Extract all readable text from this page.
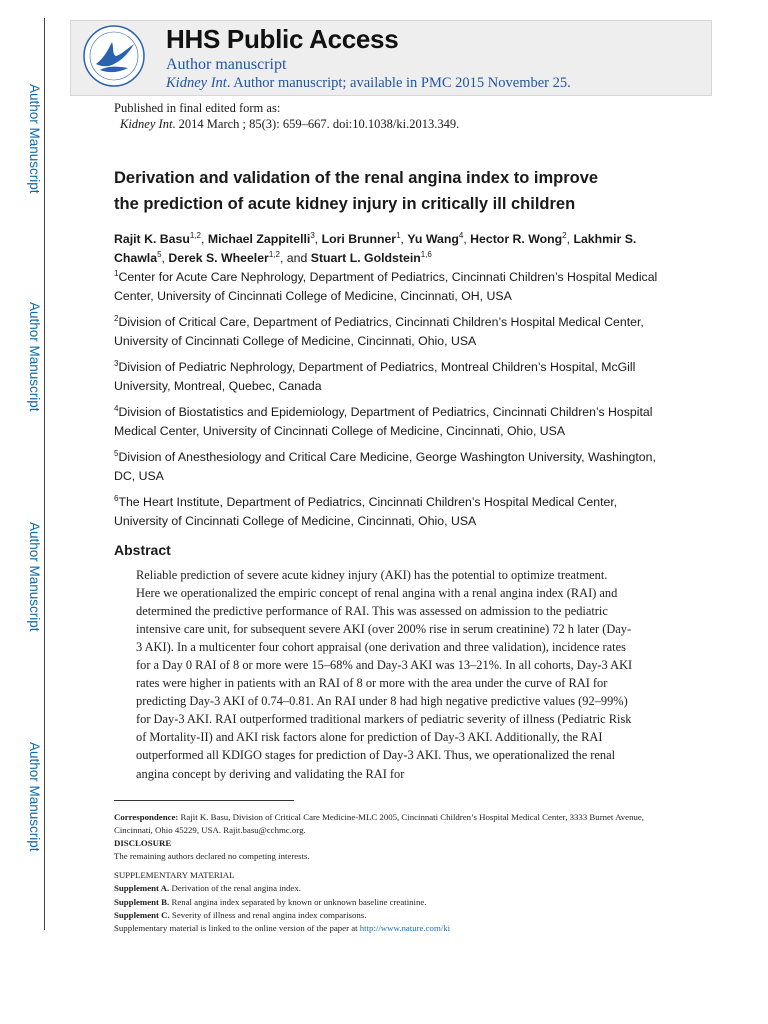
Author Manuscript
Author Manuscript
Author Manuscript
Author Manuscript
HHS Public Access
Author manuscript
Kidney Int. Author manuscript; available in PMC 2015 November 25.
Published in final edited form as:
Kidney Int. 2014 March ; 85(3): 659–667. doi:10.1038/ki.2013.349.
Derivation and validation of the renal angina index to improve
the prediction of acute kidney injury in critically ill children
Rajit K. Basu$^{1,2}$, Michael Zappitelli$^3$, Lori Brunner$^1$, Yu Wang$^4$, Hector R. Wong$^2$, Lakhmir S. Chawla$^5$, Derek S. Wheeler$^{1,2}$, and Stuart L. Goldstein$^{1,6}$
$^1$Center for Acute Care Nephrology, Department of Pediatrics, Cincinnati Children’s Hospital Medical Center, University of Cincinnati College of Medicine, Cincinnati, OH, USA
$^2$Division of Critical Care, Department of Pediatrics, Cincinnati Children’s Hospital Medical Center, University of Cincinnati College of Medicine, Cincinnati, Ohio, USA
$^3$Division of Pediatric Nephrology, Department of Pediatrics, Montreal Children’s Hospital, McGill University, Montreal, Quebec, Canada
$^4$Division of Biostatistics and Epidemiology, Department of Pediatrics, Cincinnati Children’s Hospital Medical Center, University of Cincinnati College of Medicine, Cincinnati, Ohio, USA
$^5$Division of Anesthesiology and Critical Care Medicine, George Washington University, Washington, DC, USA
$^6$The Heart Institute, Department of Pediatrics, Cincinnati Children’s Hospital Medical Center, University of Cincinnati College of Medicine, Cincinnati, Ohio, USA
Abstract
Reliable prediction of severe acute kidney injury (AKI) has the potential to optimize treatment. Here we operationalized the empiric concept of renal angina with a renal angina index (RAI) and determined the predictive performance of RAI. This was assessed on admission to the pediatric intensive care unit, for subsequent severe AKI (over 200% rise in serum creatinine) 72 h later (Day-3 AKI). In a multicenter four cohort appraisal (one derivation and three validation), incidence rates for a Day 0 RAI of 8 or more were 15–68% and Day-3 AKI was 13–21%. In all cohorts, Day-3 AKI rates were higher in patients with an RAI of 8 or more with the area under the curve of RAI for predicting Day-3 AKI of 0.74–0.81. An RAI under 8 had high negative predictive values (92–99%) for Day-3 AKI. RAI outperformed traditional markers of pediatric severity of illness (Pediatric Risk of Mortality-II) and AKI risk factors alone for prediction of Day-3 AKI. Additionally, the RAI outperformed all KDIGO stages for prediction of Day-3 AKI. Thus, we operationalized the renal angina concept by deriving and validating the RAI for

Correspondence: Rajit K. Basu, Division of Critical Care Medicine-MLC 2005, Cincinnati Children’s Hospital Medical Center, 3333 Burnet Avenue, Cincinnati, Ohio 45229, USA. Rajit.basu@cchmc.org.

DISCLOSURE

The remaining authors declared no competing interests.

SUPPLEMENTARY MATERIAL

Supplement A. Derivation of the renal angina index.

Supplement B. Renal angina index separated by known or unknown baseline creatinine.

Supplement C. Severity of illness and renal angina index comparisons.

Supplementary material is linked to the online version of the paper at http://www.nature.com/ki
